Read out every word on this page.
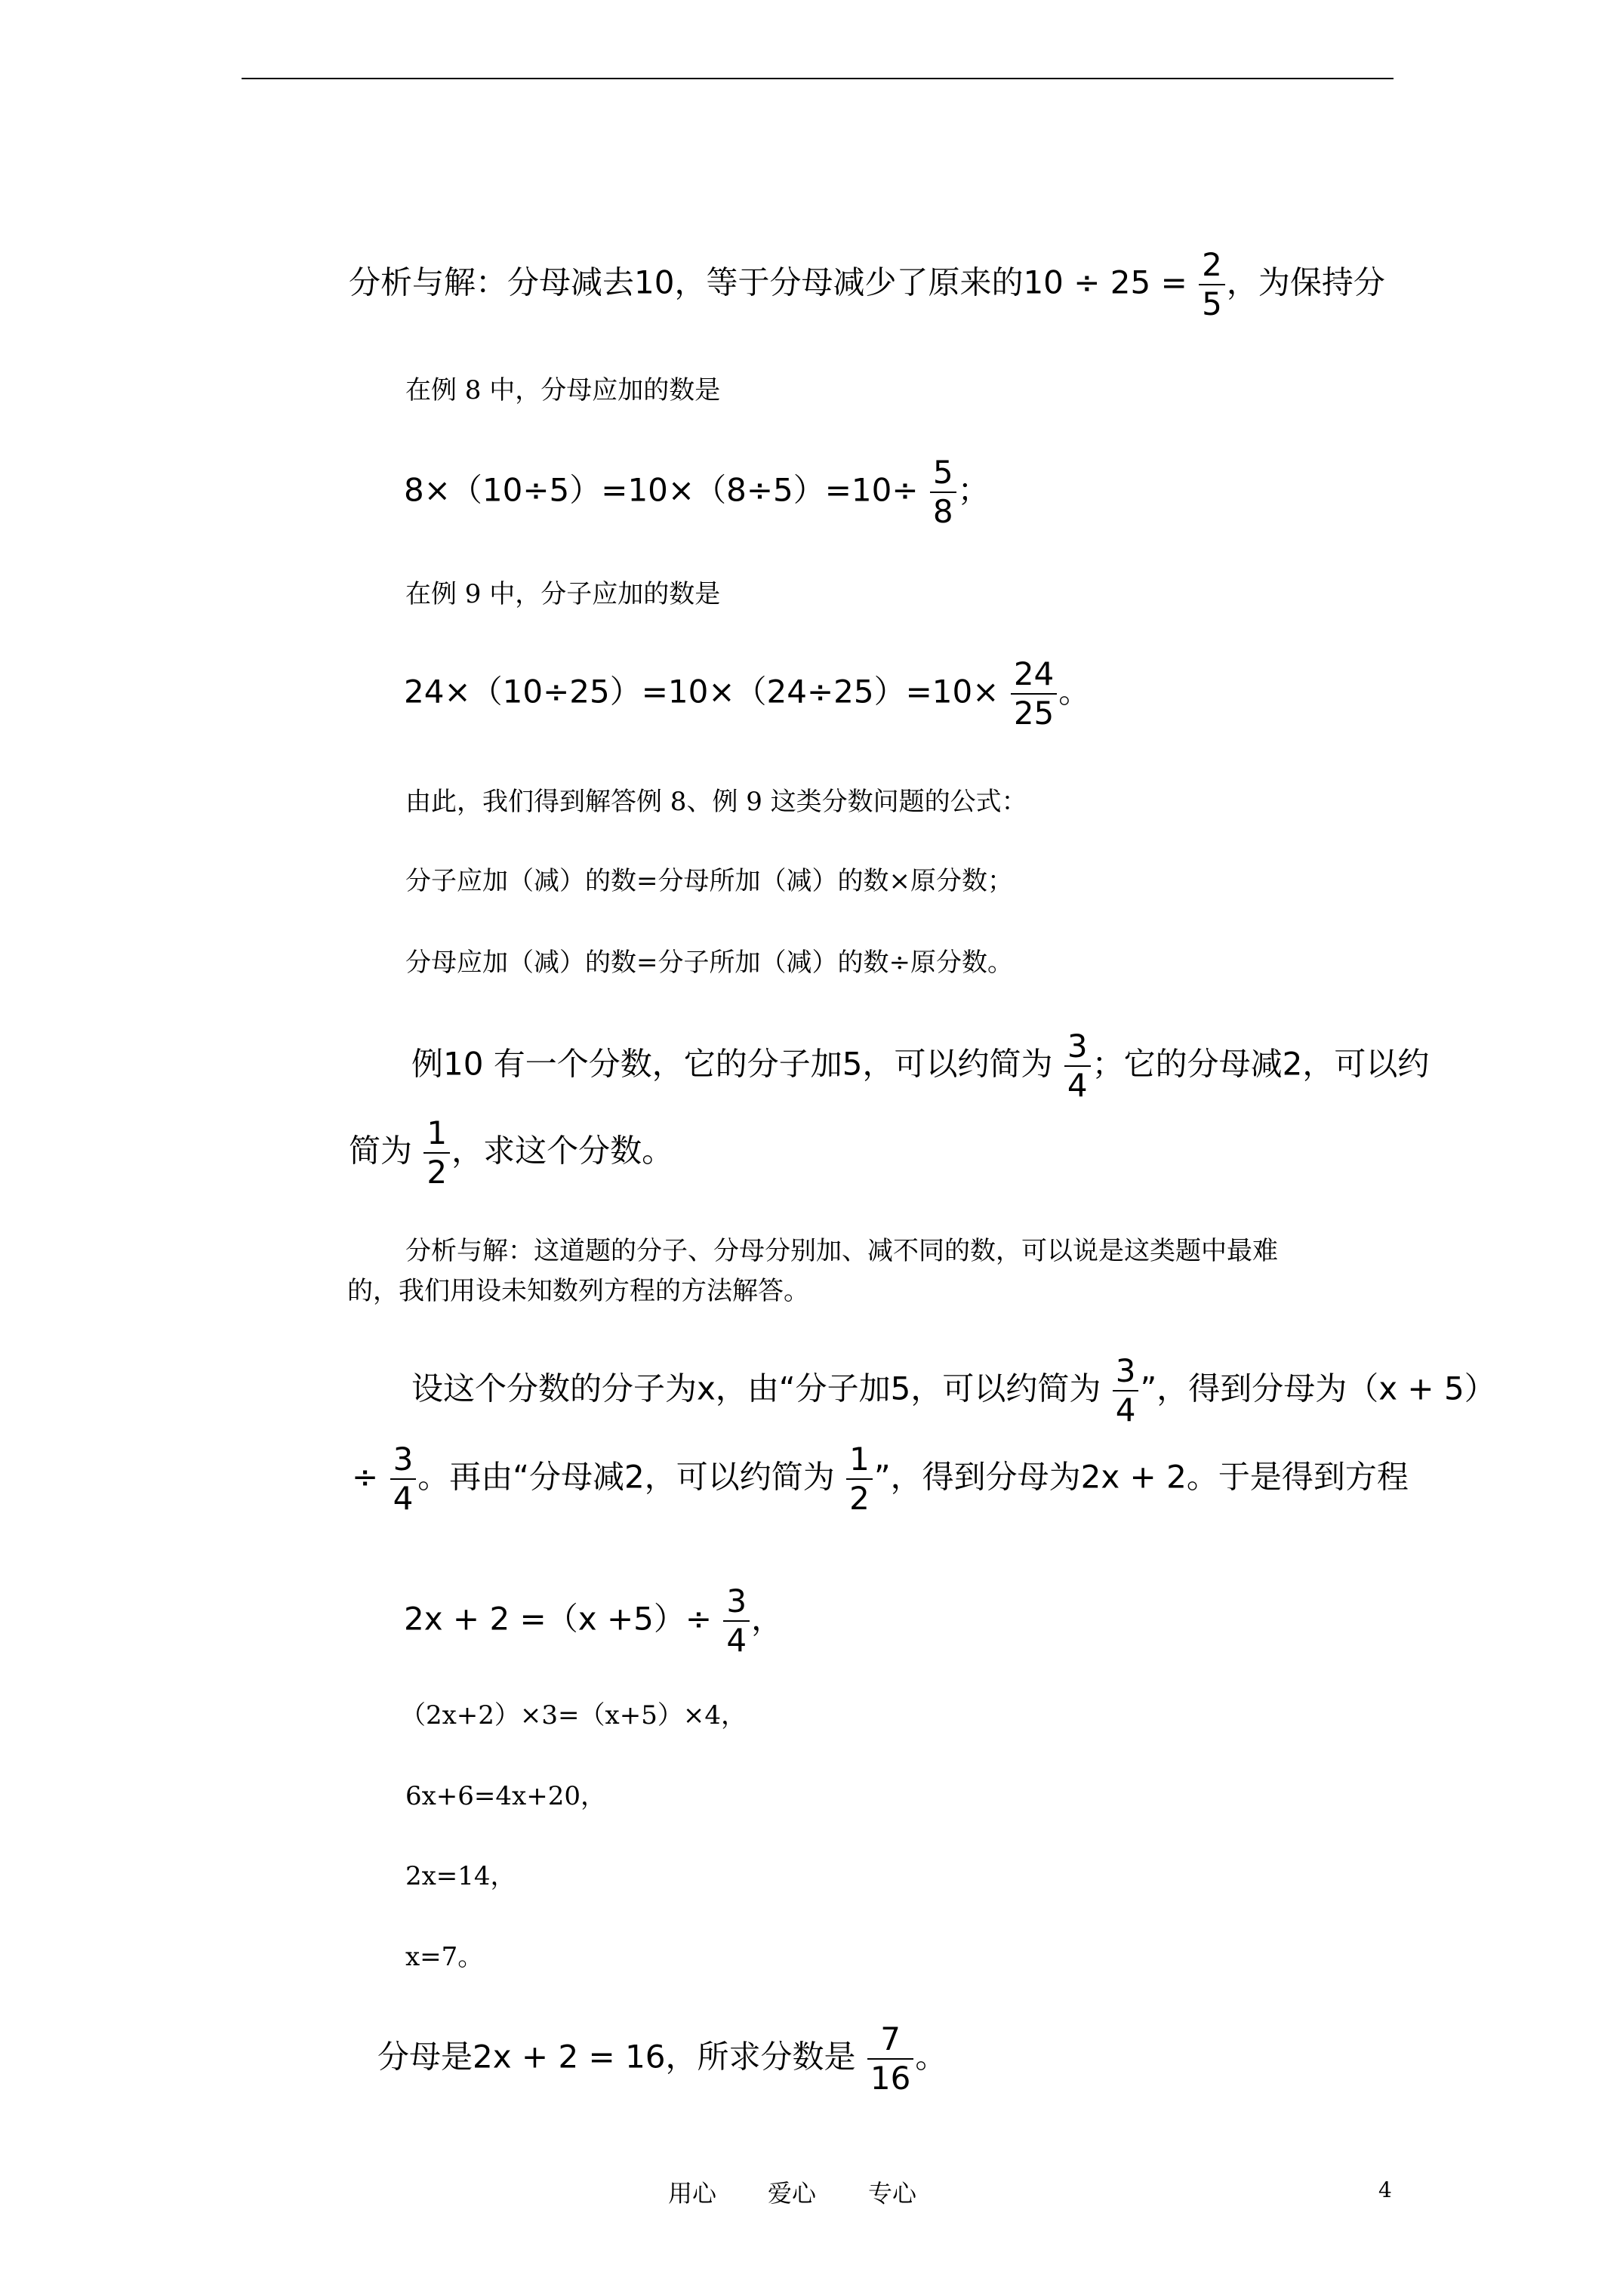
分析与解：分母减去10，等于分母减少了原来的$10 \div 25 = \frac{2}{5}$ ，为保持分
在例 8 中，分母应加的数是
$8\times(10\div 5)=10\times(8\div 5)=10\div \frac{5}{8}$ ；
在例 9 中，分子应加的数是
$24\times(10\div 25)=10\times(24\div 25)=10\times \frac{24}{25}$ 。
由此，我们得到解答例 8、例 9 这类分数问题的公式：
分子应加（减）的数=分母所加（减）的数×原分数；
分母应加（减）的数=分子所加（减）的数÷原分数。
例10 有一个分数，它的分子加5，可以约简为 $\frac{3}{4}$ ；它的分母减2，可以约
简为 $\frac{1}{2}$ ，求这个分数。
分析与解：这道题的分子、分母分别加、减不同的数，可以说是这类题中最难
的，我们用设未知数列方程的方法解答。
设这个分数的分子为x，由“分子加5，可以约简为 $\frac{3}{4}$ ”，得到分母为（x + 5）
÷ $\frac{3}{4}$ 。再由“分母减2，可以约简为 $\frac{1}{2}$ ”，得到分母为2x + 2。于是得到方程
$2x + 2 =(x +5)\div \frac{3}{4}$ ，
（2x+2）×3=（x+5）×4，
6x+6=4x+20，
2x=14，
x=7。
分母是2x + 2 = 16，所求分数是 $\frac{7}{16}$ 。
用心 爱心 专心	4
